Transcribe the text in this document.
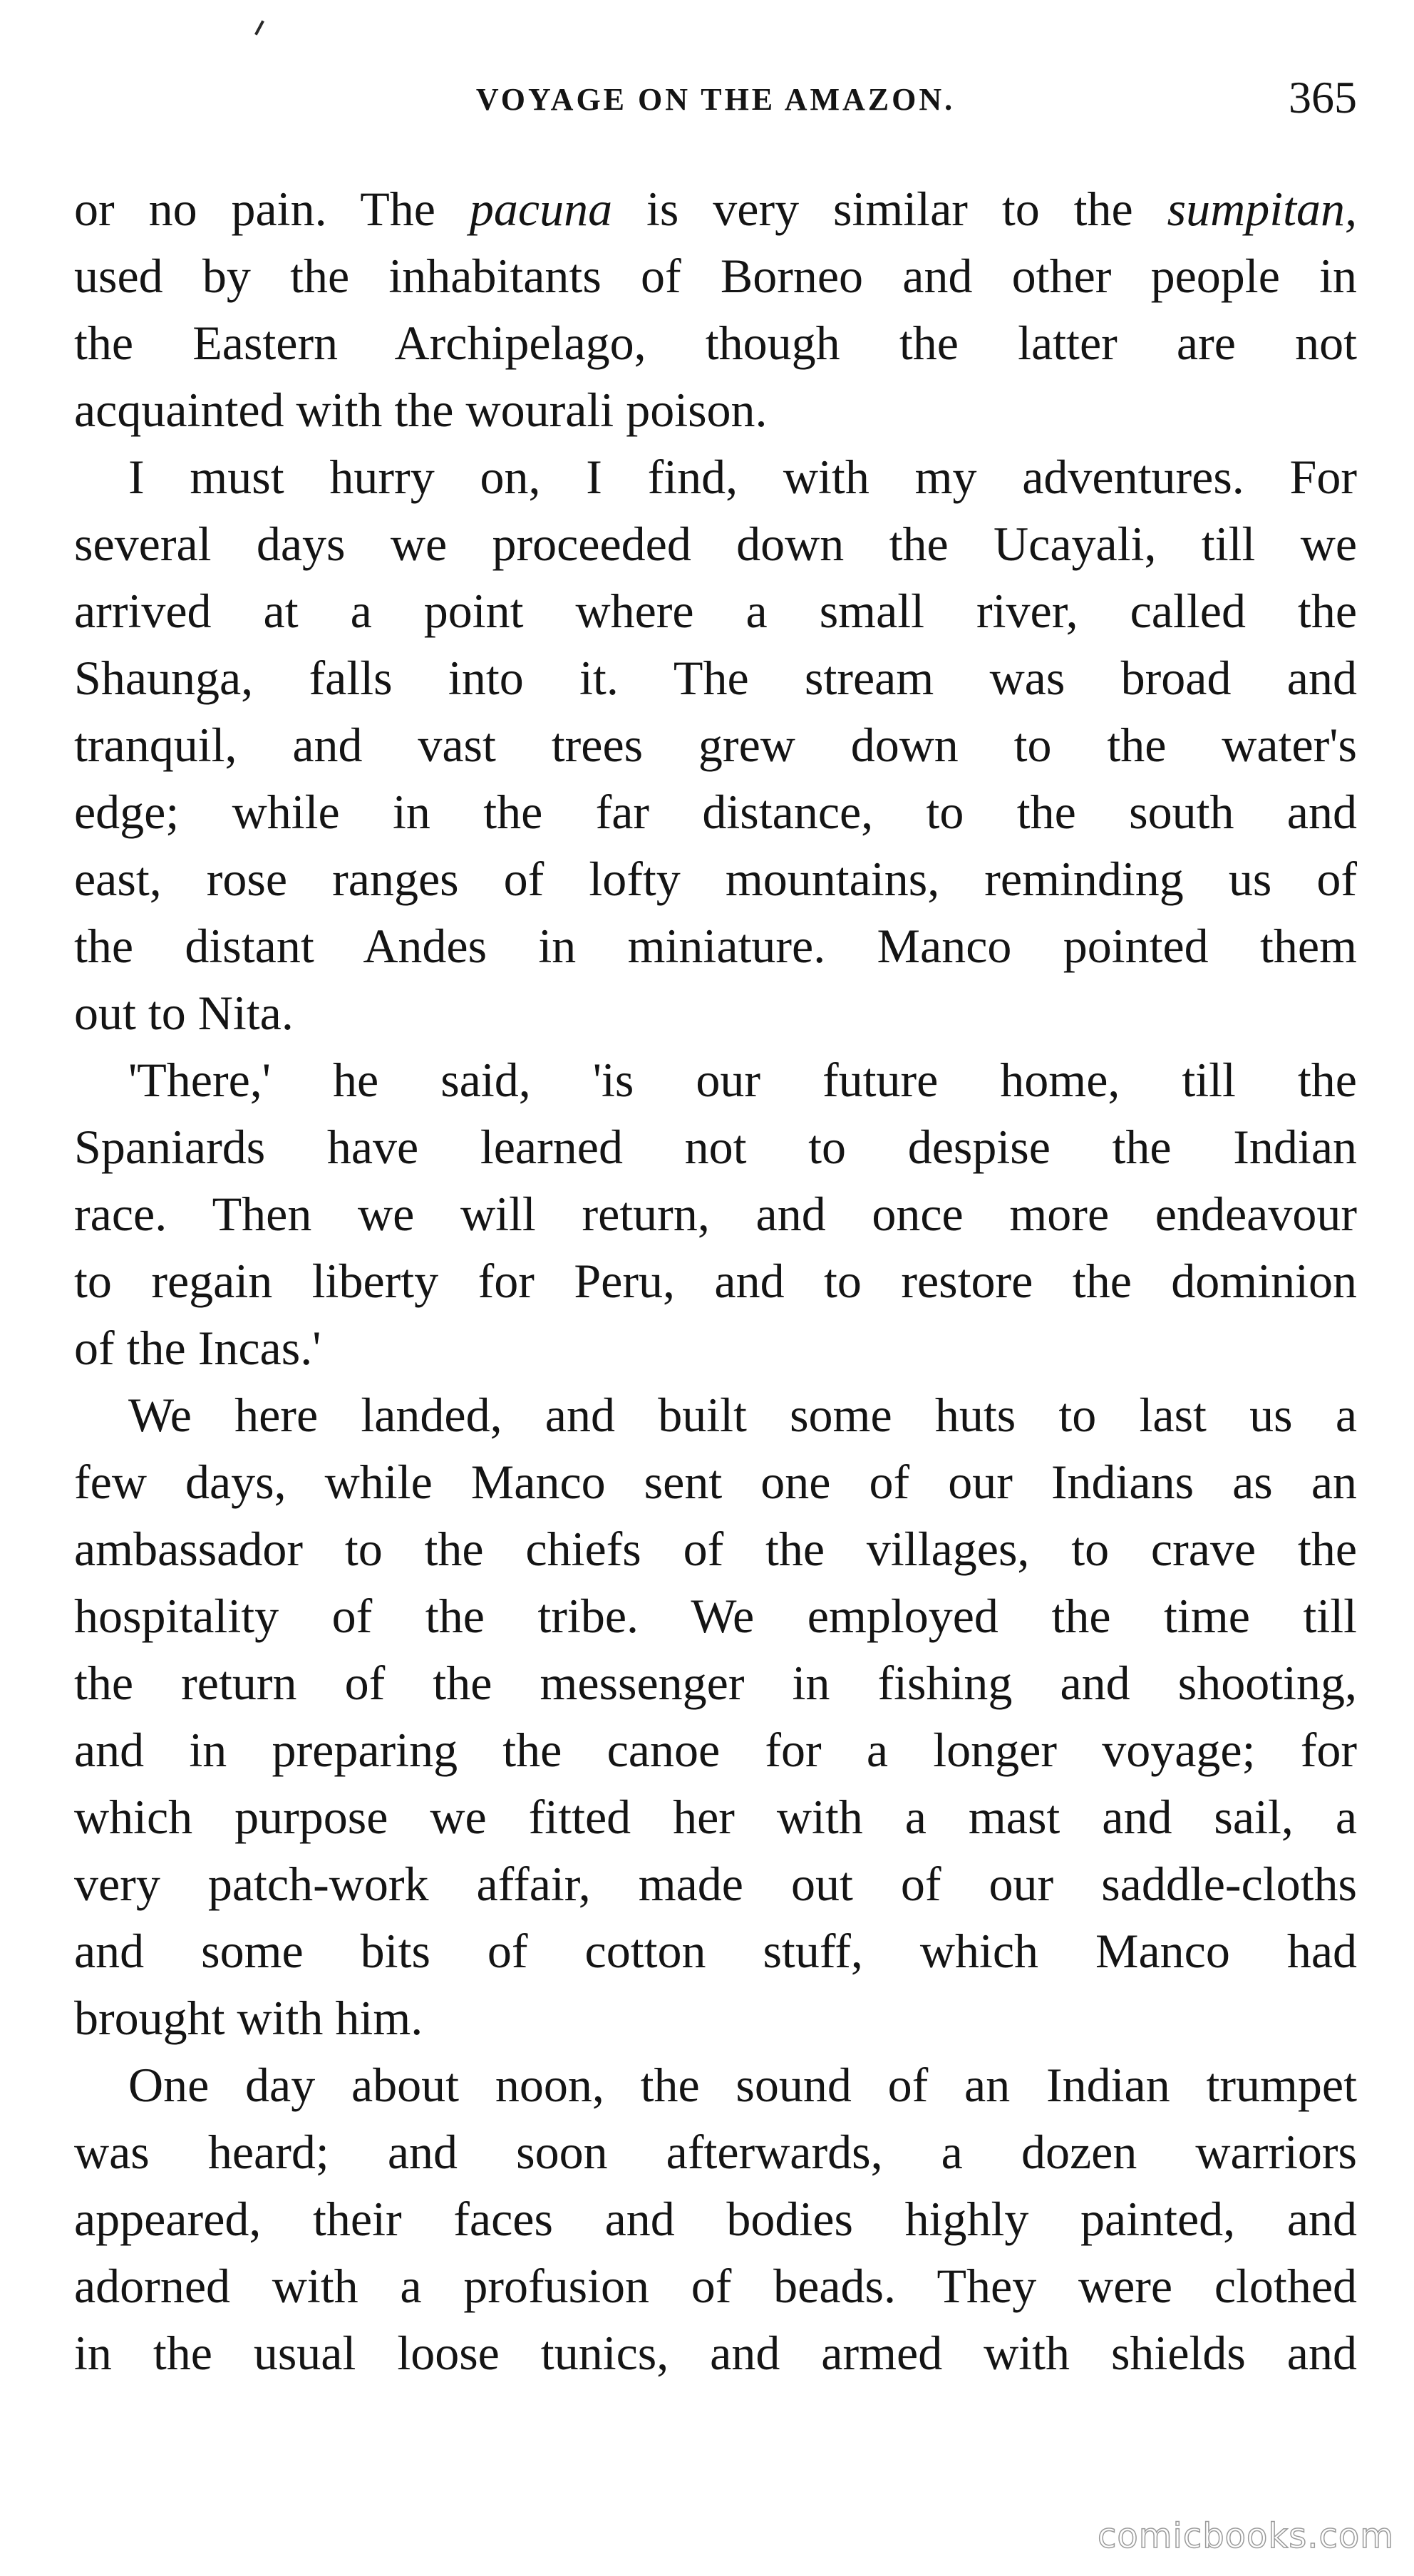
VOYAGE ON THE AMAZON.	365
or no pain. The pacuna is very similar to the sumpitan,
used by the inhabitants of Borneo and other people in
the Eastern Archipelago, though the latter are not
acquainted with the wourali poison.
I must hurry on, I find, with my adventures. For
several days we proceeded down the Ucayali, till we
arrived at a point where a small river, called the
Shaunga, falls into it. The stream was broad and
tranquil, and vast trees grew down to the water's
edge; while in the far distance, to the south and
east, rose ranges of lofty mountains, reminding us of
the distant Andes in miniature. Manco pointed them
out to Nita.
'There,' he said, 'is our future home, till the
Spaniards have learned not to despise the Indian
race. Then we will return, and once more endeavour
to regain liberty for Peru, and to restore the dominion
of the Incas.'
We here landed, and built some huts to last us a
few days, while Manco sent one of our Indians as an
ambassador to the chiefs of the villages, to crave the
hospitality of the tribe. We employed the time till
the return of the messenger in fishing and shooting,
and in preparing the canoe for a longer voyage; for
which purpose we fitted her with a mast and sail, a
very patch-work affair, made out of our saddle-cloths
and some bits of cotton stuff, which Manco had
brought with him.
One day about noon, the sound of an Indian trumpet
was heard; and soon afterwards, a dozen warriors
appeared, their faces and bodies highly painted, and
adorned with a profusion of beads. They were clothed
in the usual loose tunics, and armed with shields and
comicbooks.com
